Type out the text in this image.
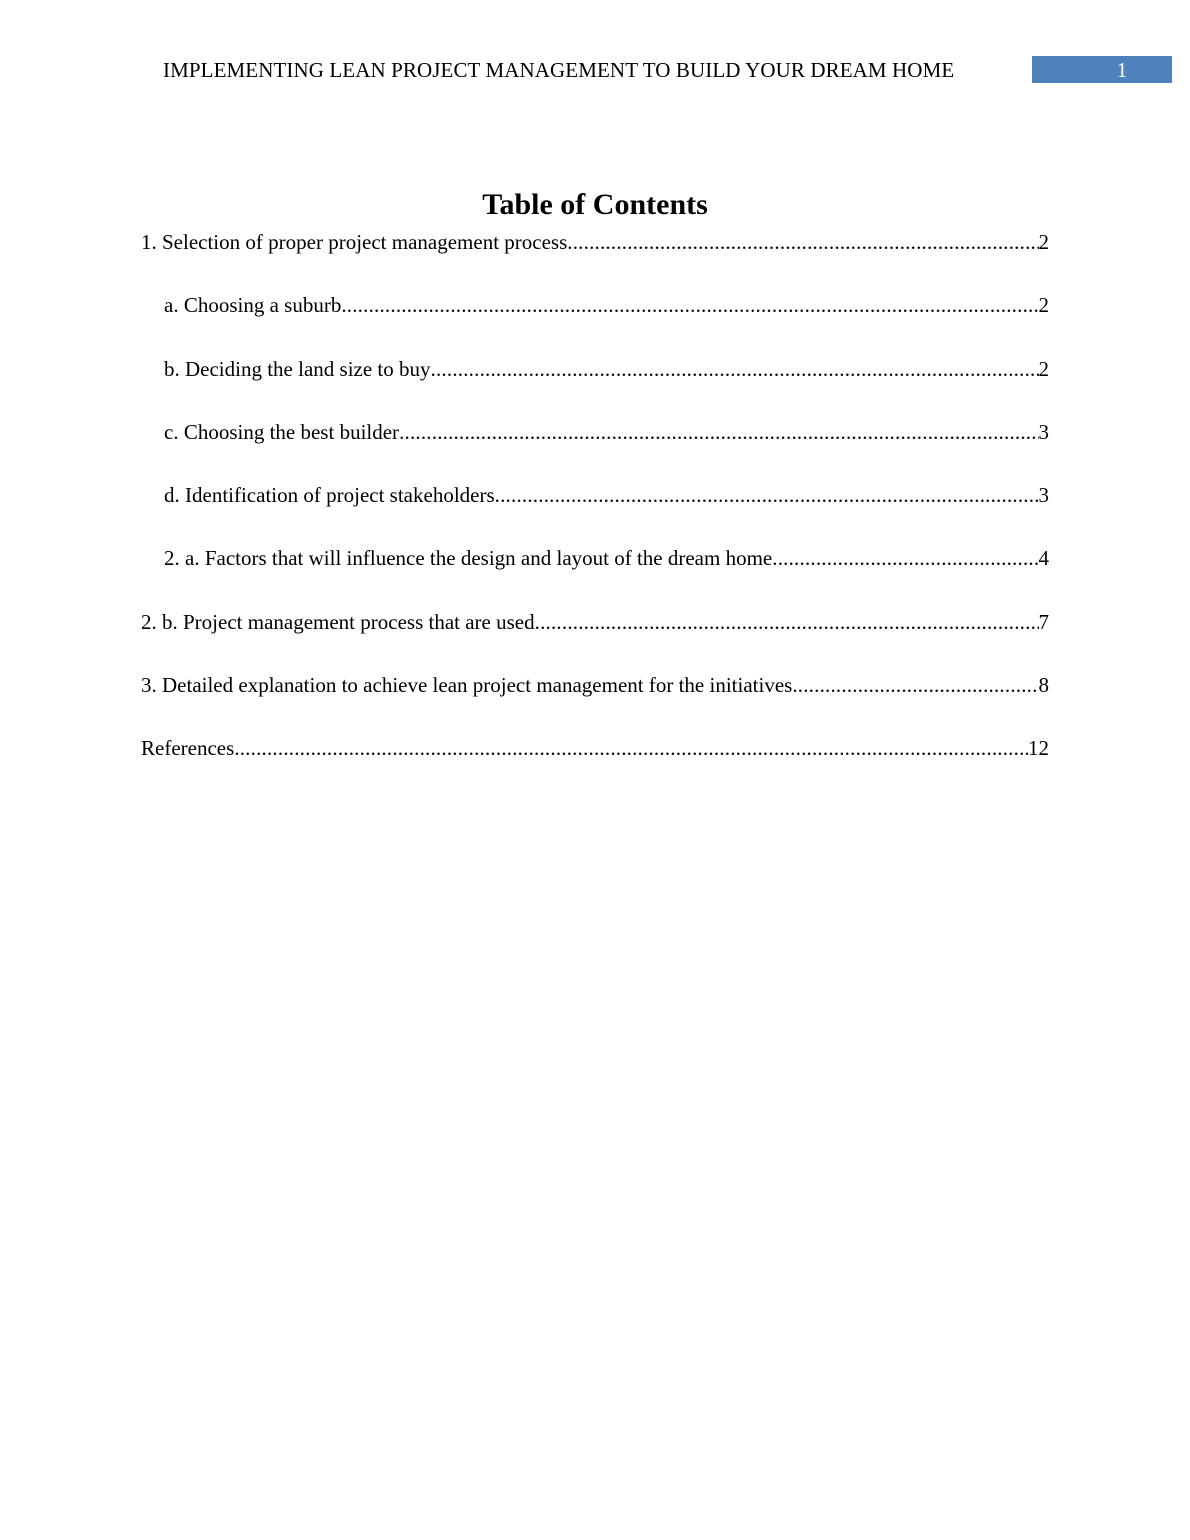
IMPLEMENTING LEAN PROJECT MANAGEMENT TO BUILD YOUR DREAM HOME	1
Table of Contents
1. Selection of proper project management process .....	2
a. Choosing a suburb .....	2
b. Deciding the land size to buy .....	2
c. Choosing the best builder .....	3
d. Identification of project stakeholders .....	3
2. a. Factors that will influence the design and layout of the dream home .....	4
2. b. Project management process that are used .....	7
3. Detailed explanation to achieve lean project management for the initiatives .....	8
References .....	12
